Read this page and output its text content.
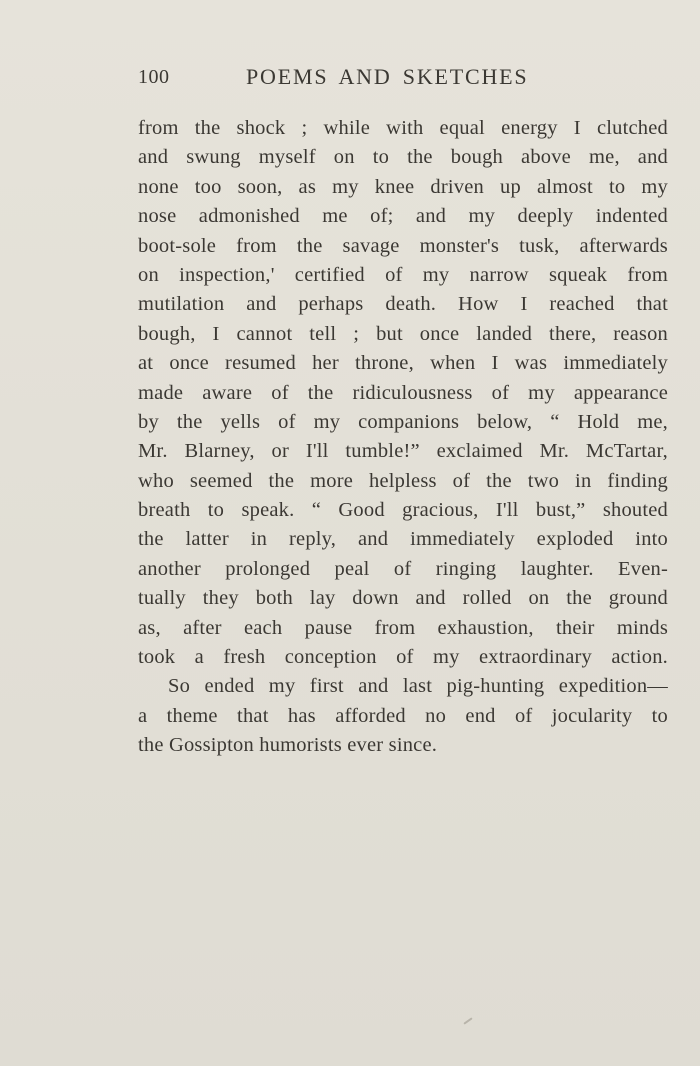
100	POEMS AND SKETCHES
from the shock ; while with equal energy I clutched
and swung myself on to the bough above me, and
none too soon, as my knee driven up almost to my
nose admonished me of; and my deeply indented
boot-sole from the savage monster's tusk, afterwards
on inspection,' certified of my narrow squeak from
mutilation and perhaps death. How I reached that
bough, I cannot tell ; but once landed there, reason
at once resumed her throne, when I was immediately
made aware of the ridiculousness of my appearance
by the yells of my companions below, “ Hold me,
Mr. Blarney, or I'll tumble!” exclaimed Mr. McTartar,
who seemed the more helpless of the two in finding
breath to speak. “ Good gracious, I'll bust,” shouted
the latter in reply, and immediately exploded into
another prolonged peal of ringing laughter. Even-
tually they both lay down and rolled on the ground
as, after each pause from exhaustion, their minds
took a fresh conception of my extraordinary action.
So ended my first and last pig-hunting expedition—
a theme that has afforded no end of jocularity to
the Gossipton humorists ever since.
